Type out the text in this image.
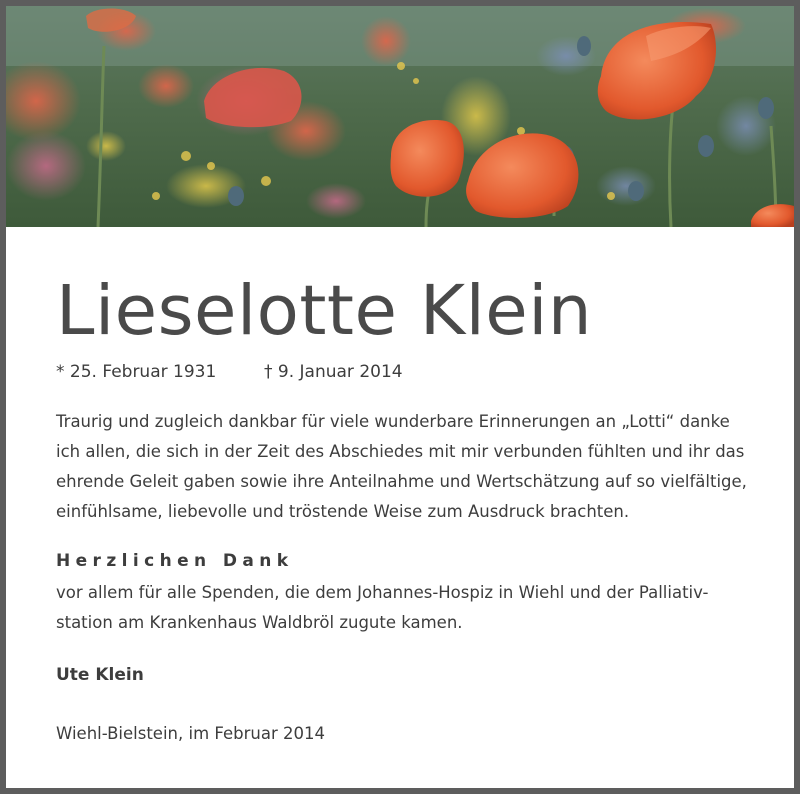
Lieselotte Klein
* 25. Februar 1931	† 9. Januar 2014
Traurig und zugleich dankbar für viele wunderbare Erinnerungen an „Lotti“ danke
ich allen, die sich in der Zeit des Abschiedes mit mir verbunden fühlten und ihr das
ehrende Geleit gaben sowie ihre Anteilnahme und Wertschätzung auf so vielfältige,
einfühlsame, liebevolle und tröstende Weise zum Ausdruck brachten.
Herzlichen Dank
vor allem für alle Spenden, die dem Johannes-Hospiz in Wiehl und der Palliativ-
station am Krankenhaus Waldbröl zugute kamen.
Ute Klein
Wiehl-Bielstein, im Februar 2014
